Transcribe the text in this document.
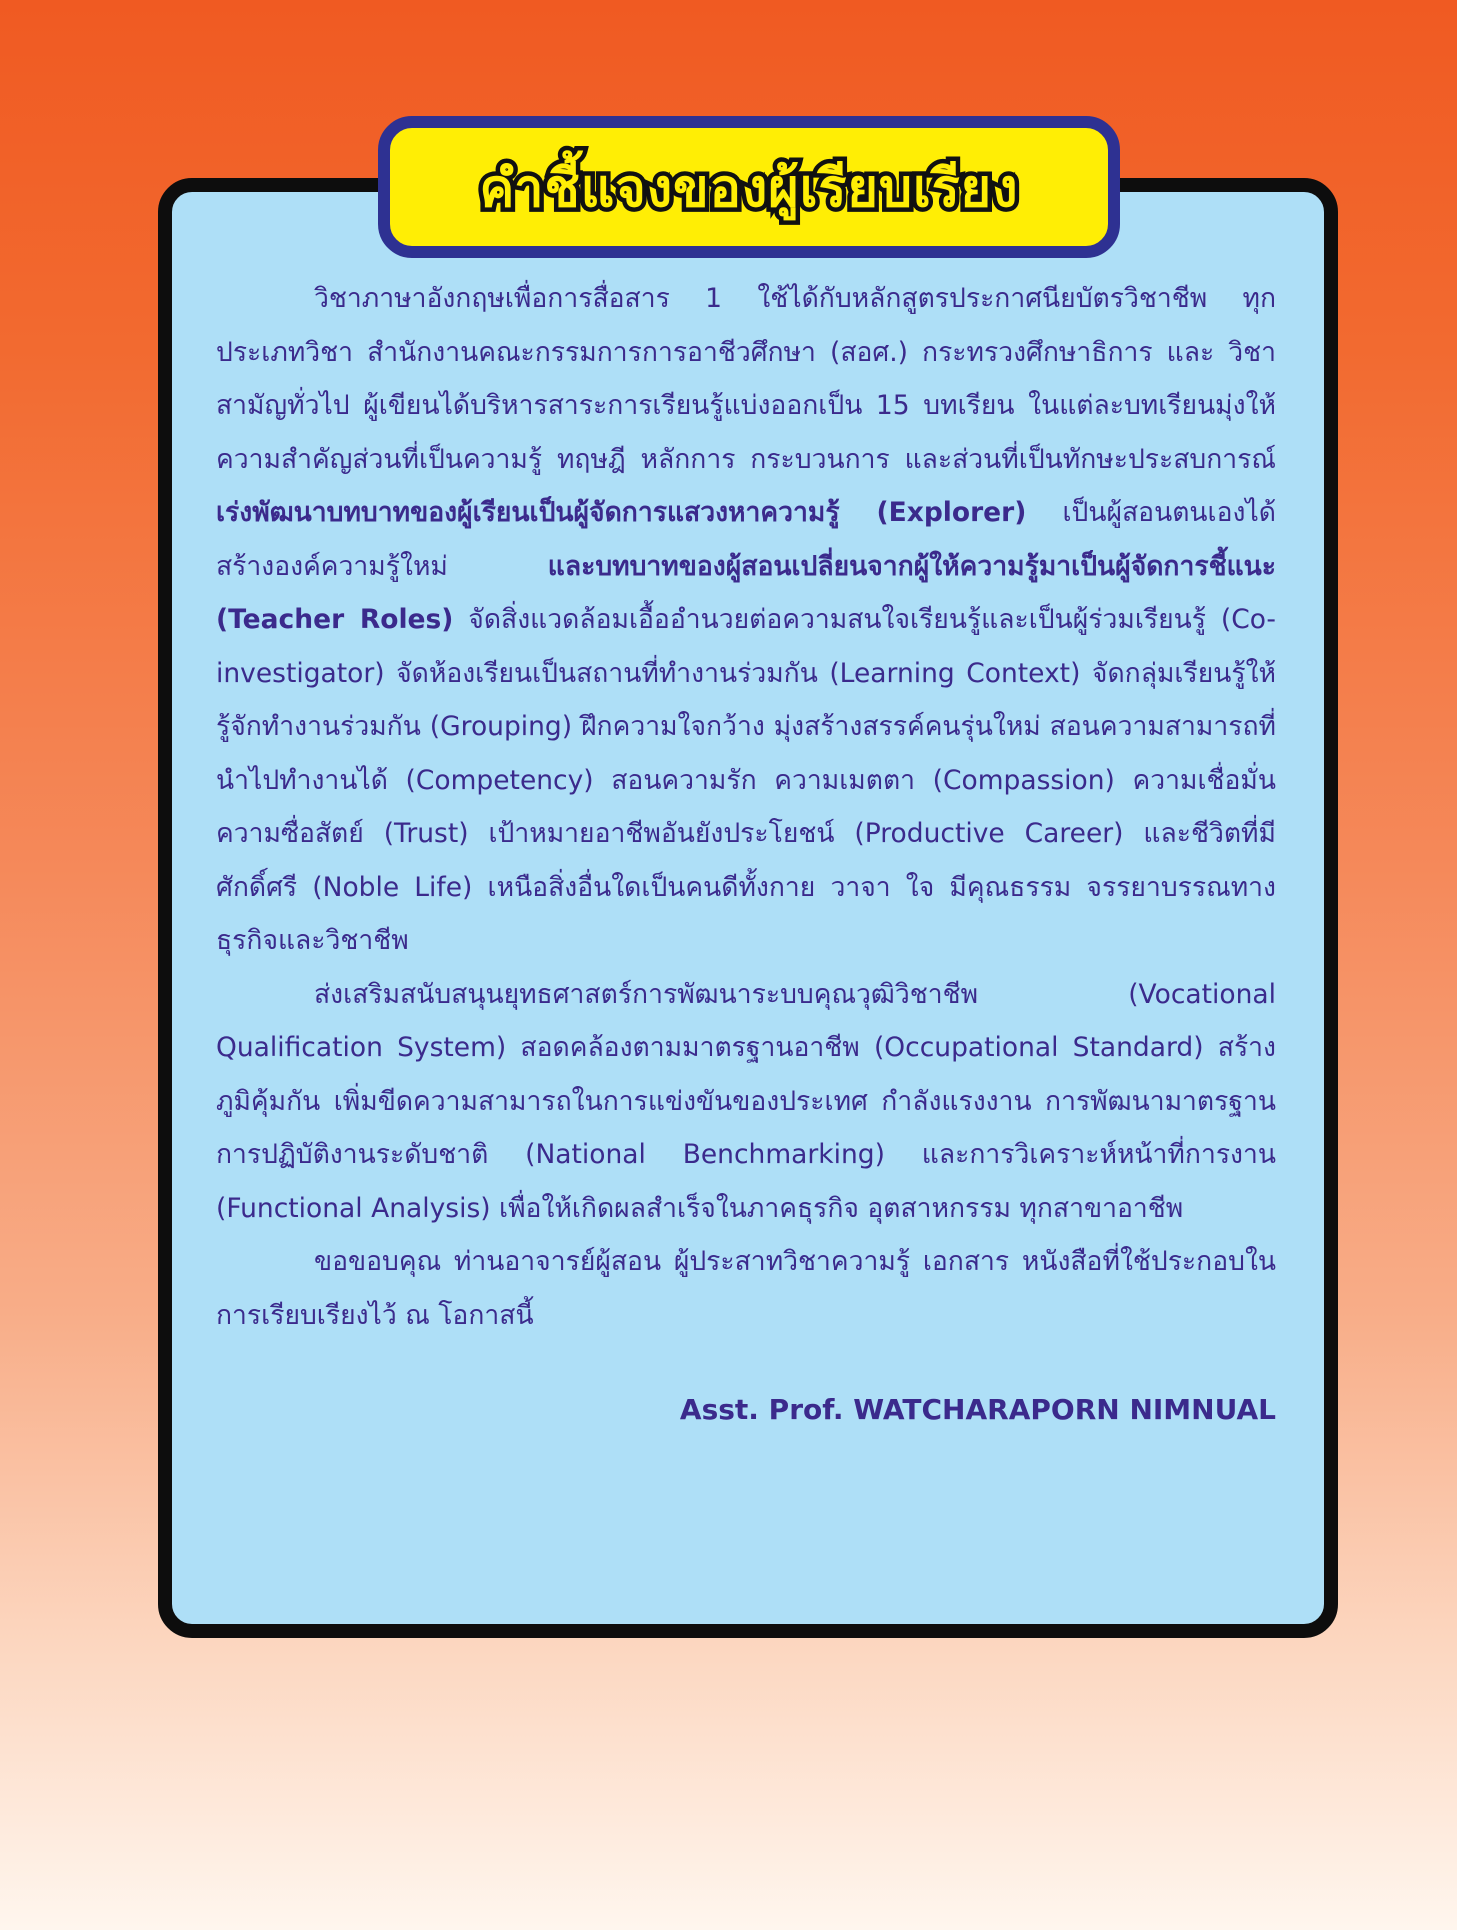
คำชี้แจงของผู้เรียบเรียง

วิชาภาษาอังกฤษเพื่อการสื่อสาร 1 ใช้ได้กับหลักสูตรประกาศนียบัตรวิชาชีพ ทุกประเภทวิชา สำนักงานคณะกรรมการการอาชีวศึกษา (สอศ.) กระทรวงศึกษาธิการ และ วิชาสามัญทั่วไป ผู้เขียนได้บริหารสาระการเรียนรู้แบ่งออกเป็น 15 บทเรียน ในแต่ละบทเรียนมุ่งให้ความสำคัญส่วนที่เป็นความรู้ ทฤษฎี หลักการ กระบวนการ และส่วนที่เป็นทักษะประสบการณ์ เร่งพัฒนาบทบาทของผู้เรียนเป็นผู้จัดการแสวงหาความรู้ (Explorer) เป็นผู้สอนตนเองได้ สร้างองค์ความรู้ใหม่ และบทบาทของผู้สอนเปลี่ยนจากผู้ให้ความรู้มาเป็นผู้จัดการชี้แนะ (Teacher Roles) จัดสิ่งแวดล้อมเอื้ออำนวยต่อความสนใจเรียนรู้และเป็นผู้ร่วมเรียนรู้ (Co-investigator) จัดห้องเรียนเป็นสถานที่ทำงานร่วมกัน (Learning Context) จัดกลุ่มเรียนรู้ให้รู้จักทำงานร่วมกัน (Grouping) ฝึกความใจกว้าง มุ่งสร้างสรรค์คนรุ่นใหม่ สอนความสามารถที่นำไปทำงานได้ (Competency) สอนความรัก ความเมตตา (Compassion) ความเชื่อมั่น ความซื่อสัตย์ (Trust) เป้าหมายอาชีพอันยังประโยชน์ (Productive Career) และชีวิตที่มีศักดิ์ศรี (Noble Life) เหนือสิ่งอื่นใดเป็นคนดีทั้งกาย วาจา ใจ มีคุณธรรม จรรยาบรรณทางธุรกิจและวิชาชีพ

ส่งเสริมสนับสนุนยุทธศาสตร์การพัฒนาระบบคุณวุฒิวิชาชีพ (Vocational Qualification System) สอดคล้องตามมาตรฐานอาชีพ (Occupational Standard) สร้างภูมิคุ้มกัน เพิ่มขีดความสามารถในการแข่งขันของประเทศ กำลังแรงงาน การพัฒนามาตรฐานการปฏิบัติงานระดับชาติ (National Benchmarking) และการวิเคราะห์หน้าที่การงาน (Functional Analysis) เพื่อให้เกิดผลสำเร็จในภาคธุรกิจ อุตสาหกรรม ทุกสาขาอาชีพ

ขอขอบคุณ ท่านอาจารย์ผู้สอน ผู้ประสาทวิชาความรู้ เอกสาร หนังสือที่ใช้ประกอบในการเรียบเรียงไว้ ณ โอกาสนี้

Asst. Prof. WATCHARAPORN NIMNUAL
